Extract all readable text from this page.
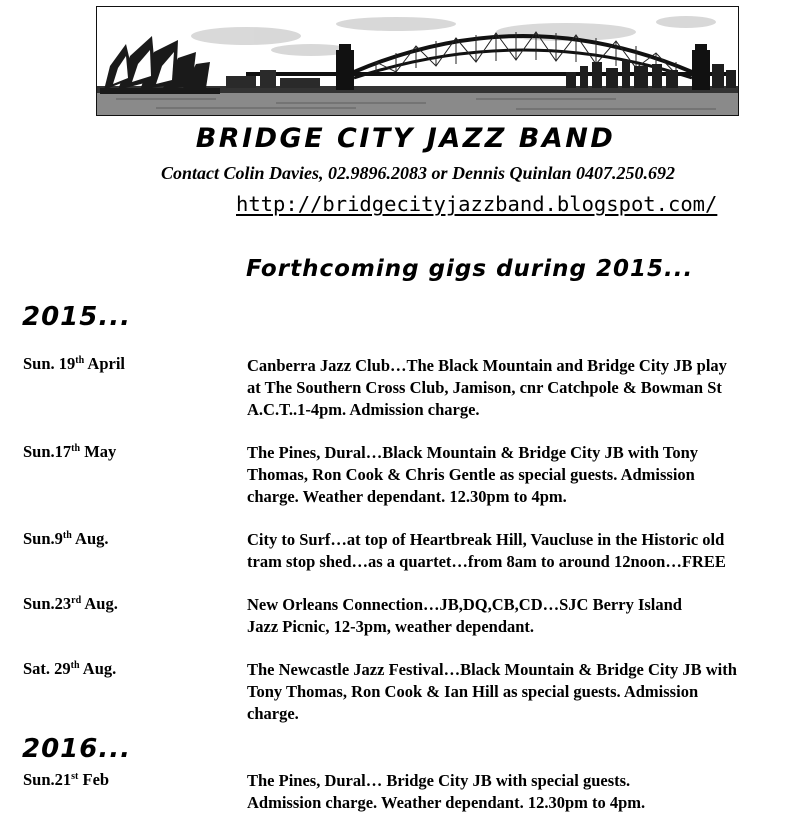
BRIDGE CITY JAZZ BAND
Contact Colin Davies, 02.9896.2083 or Dennis Quinlan 0407.250.692
http://bridgecityjazzband.blogspot.com/
Forthcoming gigs during 2015...
2015...
Sun. 19th April	Canberra Jazz Club…The Black Mountain and Bridge City JB play
at The Southern Cross Club, Jamison, cnr Catchpole & Bowman St
A.C.T..1-4pm. Admission charge.
Sun.17th May	The Pines, Dural…Black Mountain & Bridge City JB with Tony
Thomas, Ron Cook & Chris Gentle as special guests. Admission
charge. Weather dependant. 12.30pm to 4pm.
Sun.9th Aug.	City to Surf…at top of Heartbreak Hill, Vaucluse in the Historic old
tram stop shed…as a quartet…from 8am to around 12noon…FREE
Sun.23rd Aug.	New Orleans Connection…JB,DQ,CB,CD…SJC Berry Island
Jazz Picnic, 12-3pm, weather dependant.
Sat. 29th Aug.	The Newcastle Jazz Festival…Black Mountain & Bridge City JB with
Tony Thomas, Ron Cook & Ian Hill as special guests. Admission
charge.
2016...
Sun.21st Feb	The Pines, Dural… Bridge City JB with special guests.
Admission charge. Weather dependant. 12.30pm to 4pm.
